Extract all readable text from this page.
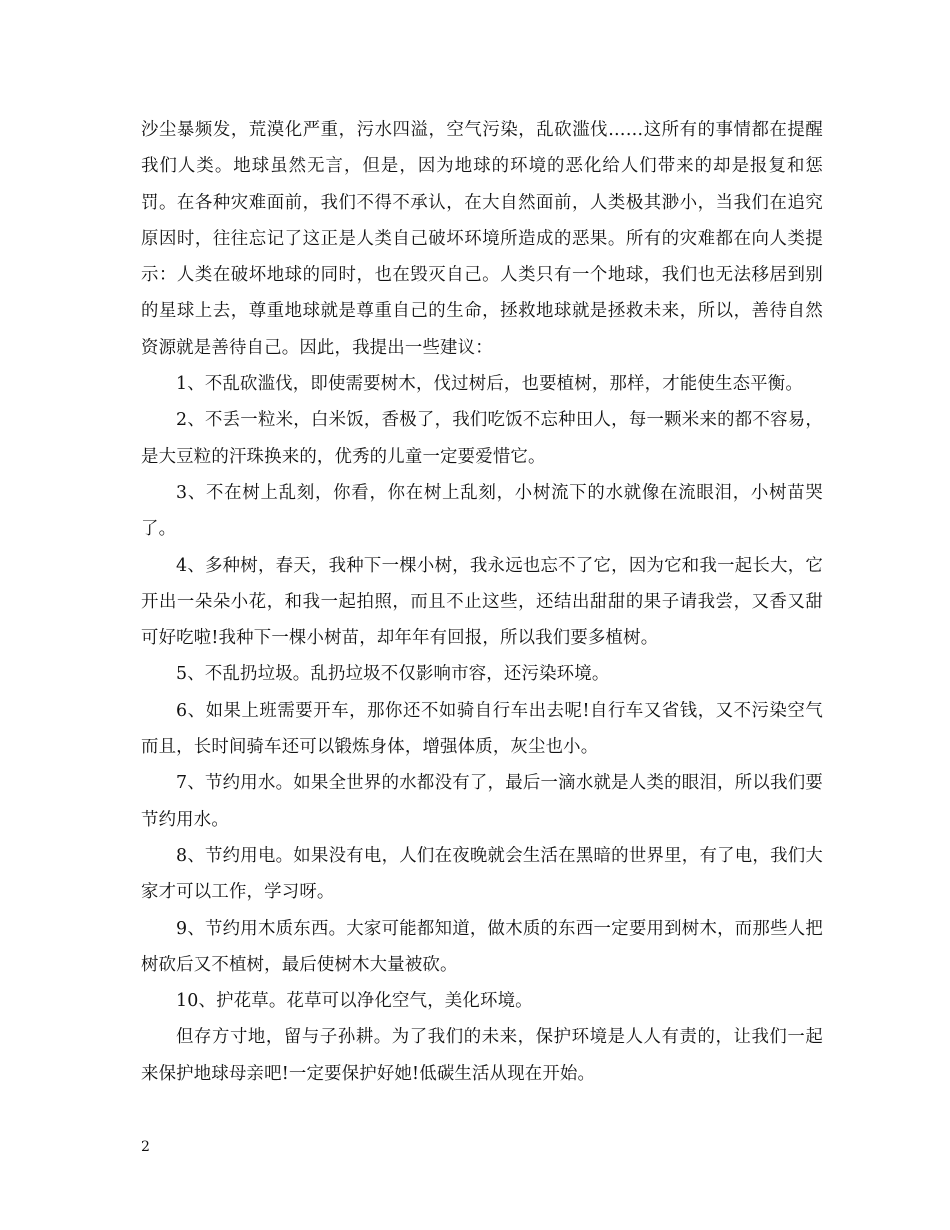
沙尘暴频发，荒漠化严重，污水四溢，空气污染，乱砍滥伐……这所有的事情都在提醒我们人类。地球虽然无言，但是，因为地球的环境的恶化给人们带来的却是报复和惩罚。在各种灾难面前，我们不得不承认，在大自然面前，人类极其渺小，当我们在追究原因时，往往忘记了这正是人类自己破坏环境所造成的恶果。所有的灾难都在向人类提示：人类在破坏地球的同时，也在毁灭自己。人类只有一个地球，我们也无法移居到别的星球上去，尊重地球就是尊重自己的生命，拯救地球就是拯救未来，所以，善待自然资源就是善待自己。因此，我提出一些建议：

1、不乱砍滥伐，即使需要树木，伐过树后，也要植树，那样，才能使生态平衡。

2、不丢一粒米，白米饭，香极了，我们吃饭不忘种田人，每一颗米来的都不容易，是大豆粒的汗珠换来的，优秀的儿童一定要爱惜它。

3、不在树上乱刻，你看，你在树上乱刻，小树流下的水就像在流眼泪，小树苗哭了。

4、多种树，春天，我种下一棵小树，我永远也忘不了它，因为它和我一起长大，它开出一朵朵小花，和我一起拍照，而且不止这些，还结出甜甜的果子请我尝，又香又甜可好吃啦!我种下一棵小树苗，却年年有回报，所以我们要多植树。

5、不乱扔垃圾。乱扔垃圾不仅影响市容，还污染环境。

6、如果上班需要开车，那你还不如骑自行车出去呢!自行车又省钱，又不污染空气而且，长时间骑车还可以锻炼身体，增强体质，灰尘也小。

7、节约用水。如果全世界的水都没有了，最后一滴水就是人类的眼泪，所以我们要节约用水。

8、节约用电。如果没有电，人们在夜晚就会生活在黑暗的世界里，有了电，我们大家才可以工作，学习呀。

9、节约用木质东西。大家可能都知道，做木质的东西一定要用到树木，而那些人把树砍后又不植树，最后使树木大量被砍。

10、护花草。花草可以净化空气，美化环境。

但存方寸地，留与子孙耕。为了我们的未来，保护环境是人人有责的，让我们一起来保护地球母亲吧!一定要保护好她!低碳生活从现在开始。

2
